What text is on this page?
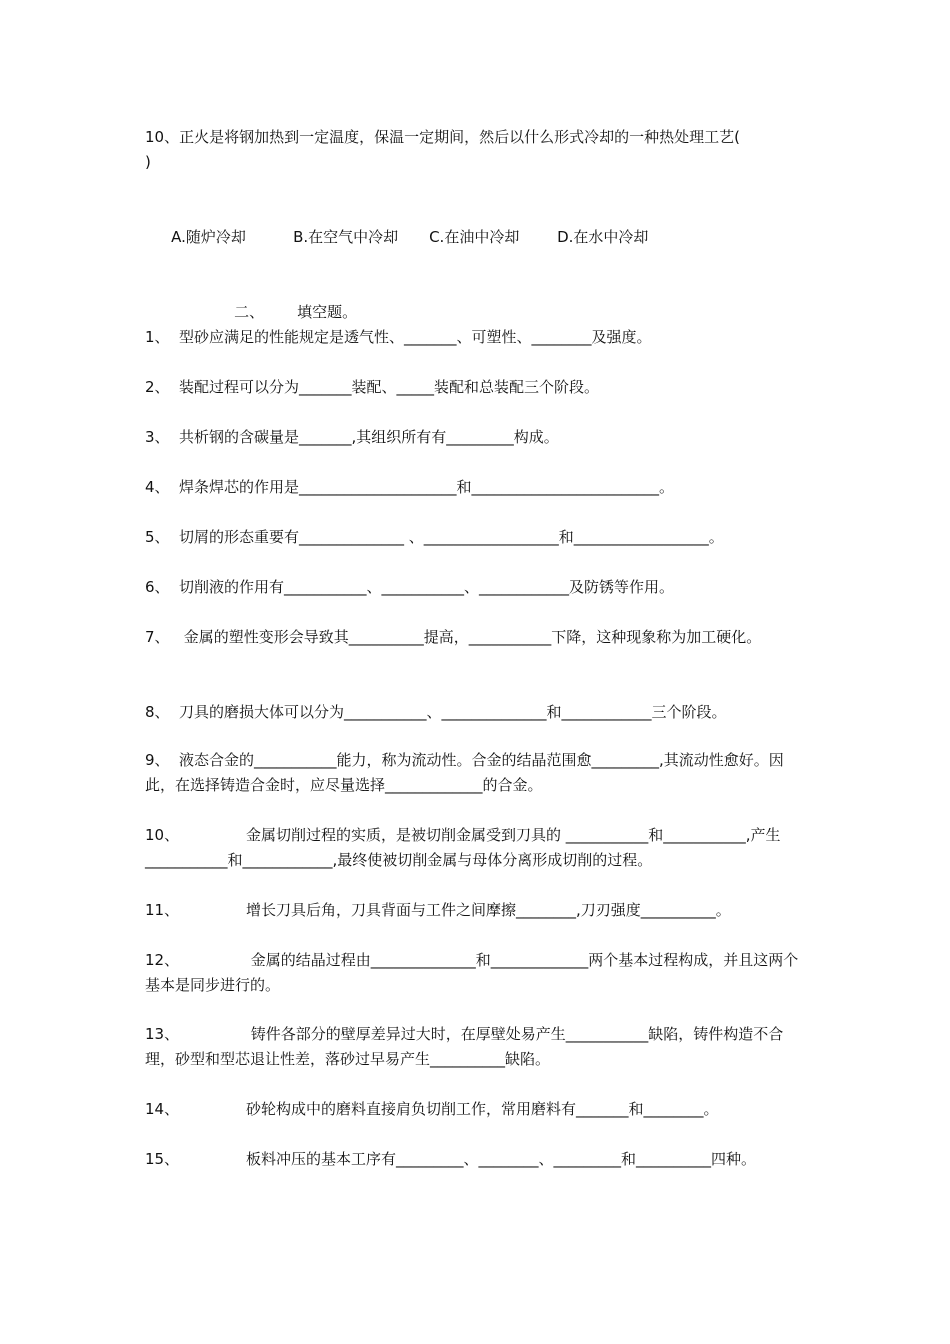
10、正火是将钢加热到一定温度，保温一定期间，然后以什么形式冷却的一种热处理工艺(
)

A.随炉冷却	B.在空气中冷却 C.在油中冷却	D.在水中冷却

二、 填空题。

1、 型砂应满足的性能规定是透气性、_______、可塑性、________及强度。
2、 装配过程可以分为_______装配、_____装配和总装配三个阶段。
3、 共析钢的含碳量是_______,其组织所有有_________构成。
4、 焊条焊芯的作用是_____________________和_________________________。
5、 切屑的形态重要有______________ 、__________________和__________________。
6、 切削液的作用有___________、___________、____________及防锈等作用。
7、 金属的塑性变形会导致其__________提高，___________下降，这种现象称为加工硬化。
8、 刀具的磨损大体可以分为___________、______________和____________三个阶段。
9、 液态合金的___________能力，称为流动性。合金的结晶范围愈_________,其流动性愈好。因此，在选择铸造合金时，应尽量选择_____________的合金。
10、	金属切削过程的实质，是被切削金属受到刀具的 ___________和___________,产生___________和____________,最终使被切削金属与母体分离形成切削的过程。
11、	增长刀具后角，刀具背面与工件之间摩擦________,刀刃强度__________。
12、	金属的结晶过程由______________和_____________两个基本过程构成，并且这两个基本是同步进行的。
13、	铸件各部分的壁厚差异过大时，在厚壁处易产生___________缺陷，铸件构造不合理，砂型和型芯退让性差，落砂过早易产生__________缺陷。
14、	砂轮构成中的磨料直接肩负切削工作，常用磨料有_______和________。
15、	板料冲压的基本工序有_________、________、_________和__________四种。
